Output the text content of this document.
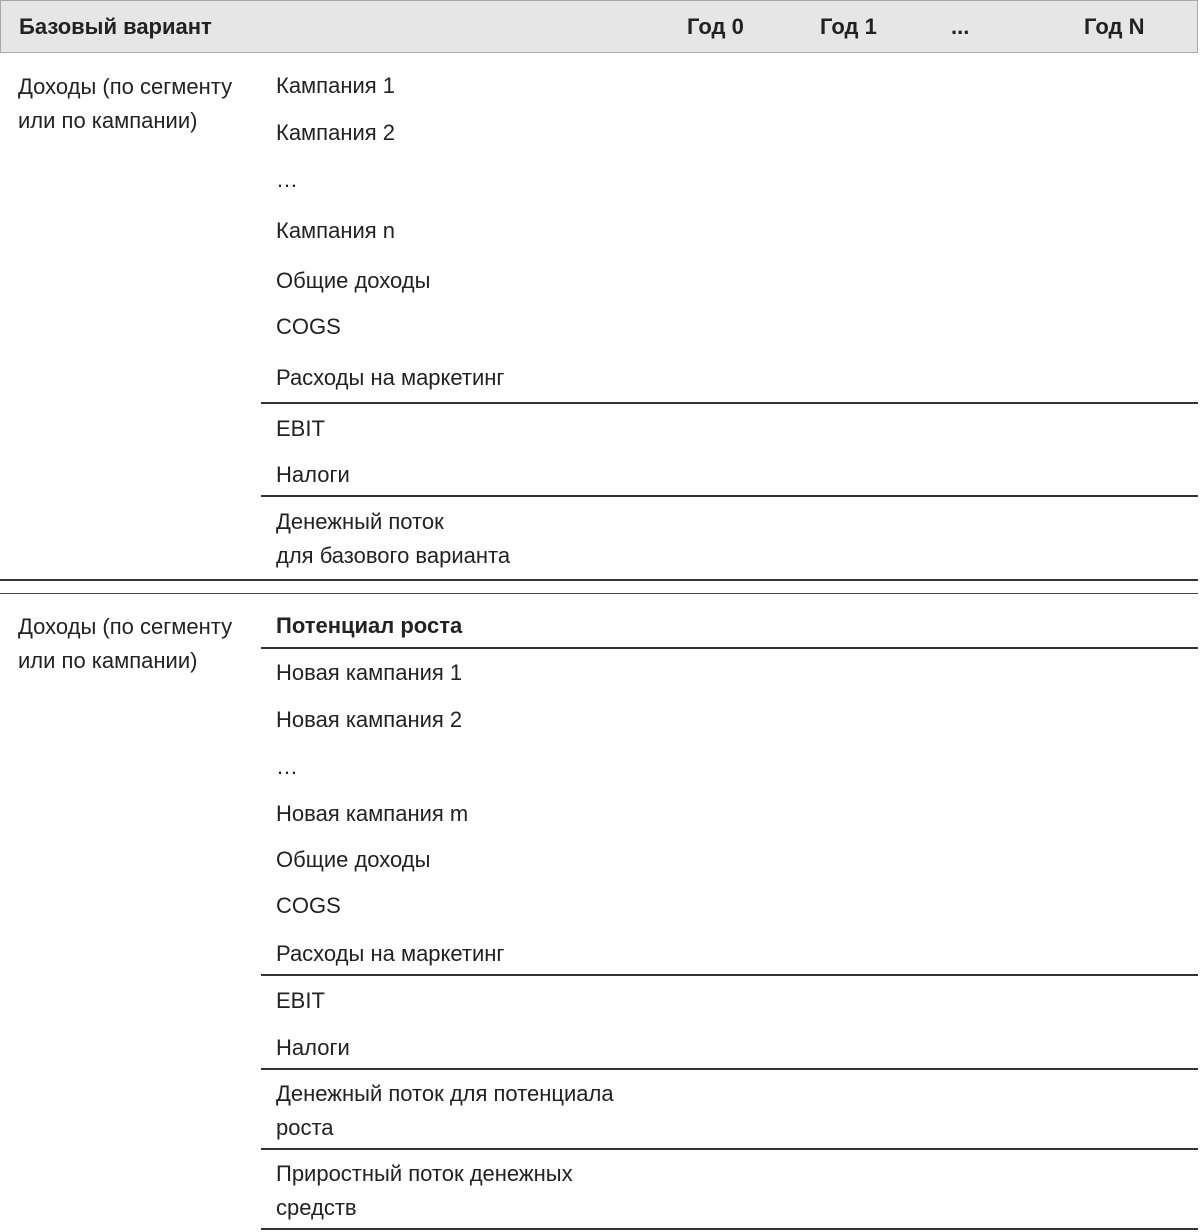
Базовый вариант	Год 0	Год 1	...	Год N
Доходы (по сегменту
или по кампании)
Кампания 1
Кампания 2
…
Кампания n
Общие доходы
COGS
Расходы на маркетинг
EBIT
Налоги
Денежный поток
для базового варианта
Доходы (по сегменту
или по кампании)
Потенциал роста
Новая кампания 1
Новая кампания 2
…
Новая кампания m
Общие доходы
COGS
Расходы на маркетинг
EBIT
Налоги
Денежный поток для потенциала
роста
Приростный поток денежных
средств
